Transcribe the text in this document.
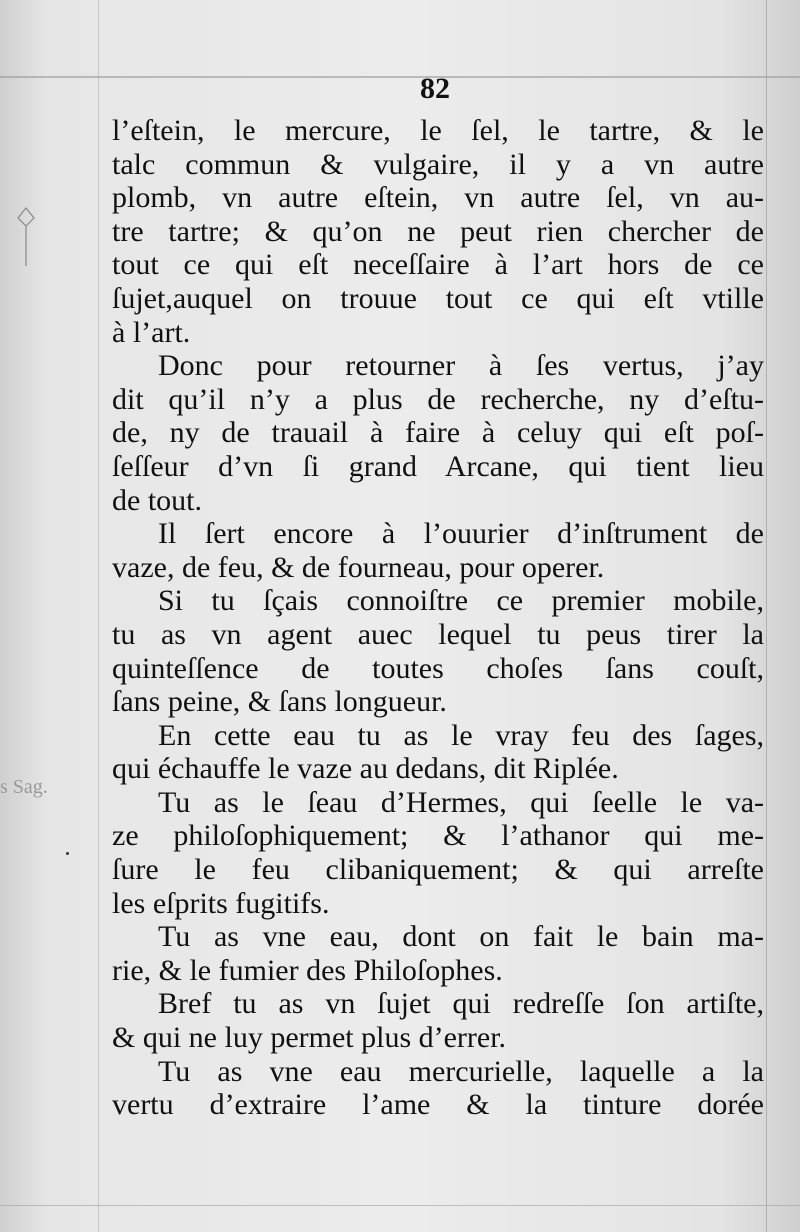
82
l’eſtein, le mercure, le ſel, le tartre, & le
talc commun & vulgaire, il y a vn autre
plomb, vn autre eſtein, vn autre ſel, vn au-
tre tartre; & qu’on ne peut rien chercher de
tout ce qui eſt neceſſaire à l’art hors de ce
ſujet,auquel on trouue tout ce qui eſt vtille
à l’art.
Donc pour retourner à ſes vertus, j’ay
dit qu’il n’y a plus de recherche, ny d’eſtu-
de, ny de trauail à faire à celuy qui eſt poſ-
ſeſſeur d’vn ſi grand Arcane, qui tient lieu
de tout.
Il ſert encore à l’ouurier d’inſtrument de
vaze, de feu, & de fourneau, pour operer.
Si tu ſçais connoiſtre ce premier mobile,
tu as vn agent auec lequel tu peus tirer la
quinteſſence de toutes choſes ſans couſt,
ſans peine, & ſans longueur.
En cette eau tu as le vray feu des ſages,
qui échauffe le vaze au dedans, dit Riplée.
Tu as le ſeau d’Hermes, qui ſeelle le va-
ze philoſophiquement; & l’athanor qui me-
ſure le feu clibaniquement; & qui arreſte
les eſprits fugitifs.
Tu as vne eau, dont on fait le bain ma-
rie, & le fumier des Philoſophes.
Bref tu as vn ſujet qui redreſſe ſon artiſte,
& qui ne luy permet plus d’errer.
Tu as vne eau mercurielle, laquelle a la
vertu d’extraire l’ame & la tinture dorée
s Sag.
